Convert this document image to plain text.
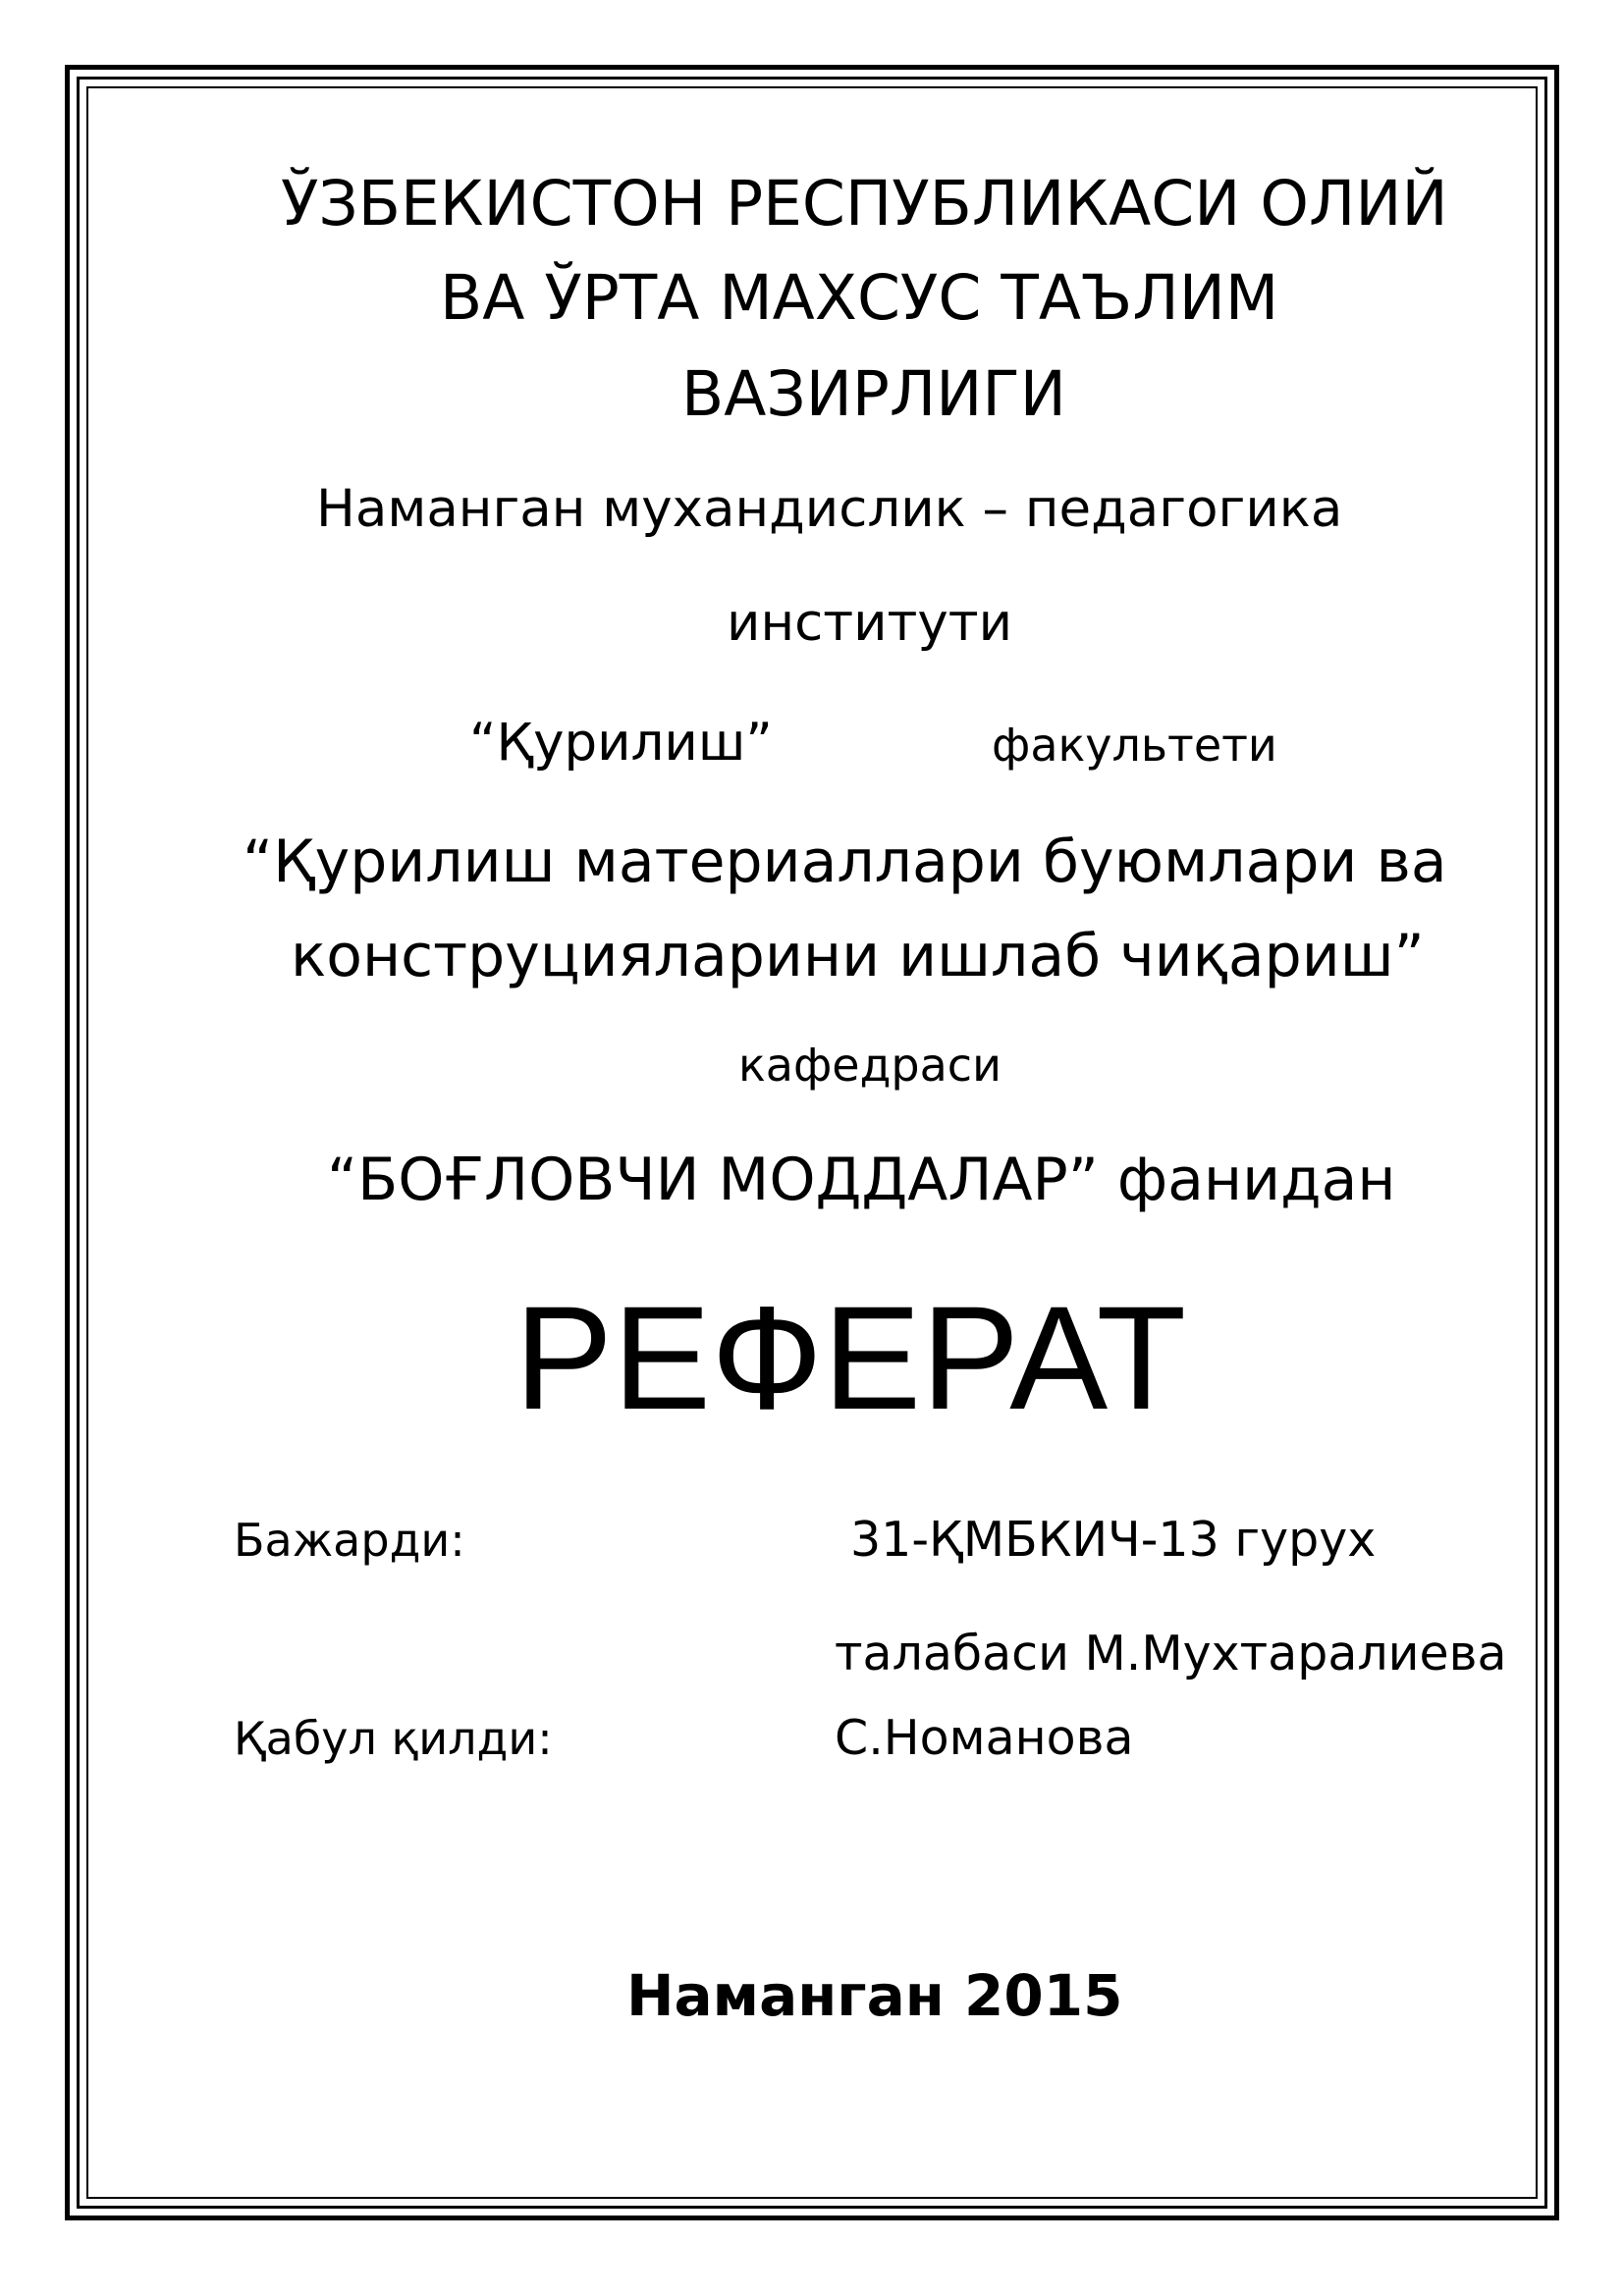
ЎЗБЕКИСТОН РЕСПУБЛИКАСИ ОЛИЙ
ВА ЎРТА МАХСУС ТАЪЛИМ
ВАЗИРЛИГИ
Наманган мухандислик – педагогика
институти
“Қурилиш”	факультети
“Қурилиш материаллари буюмлари ва
конструцияларини ишлаб чиқариш”
кафедраси
“БОҒЛОВЧИ МОДДАЛАР” фанидан
РЕФЕРАТ
Бажарди:	31-ҚМБКИЧ-13 гурух
талабаси М.Мухтаралиева
Қабул қилди:	С.Номанова
Наманган 2015
